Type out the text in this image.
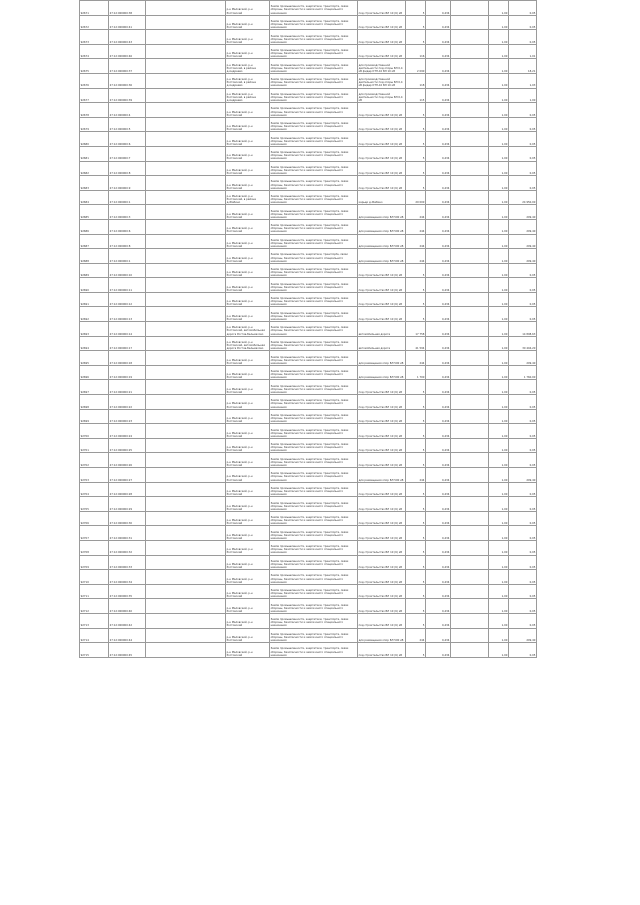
92671	27:12:000000:38		р-н Маловский, р-н Ростовский	Земли промышленности, энергетики, транспорта, связи обороны, безопасности и земли иного специального назначения	под строительство ВЛ 10 (6) кВ	5	0,434		1,00	0,05
92672	27:12:000000:41		р-н Маловский, р-н Ростовский	Земли промышленности, энергетики, транспорта, связи обороны, безопасности и земли иного специального назначения	под строительство ВЛ 10 (6) кВ	5	0,434		1,00	0,05
92673	27:12:000000:43		р-н Маловский, р-н Ростовский	Земли промышленности, энергетики, транспорта, связи обороны, безопасности и земли иного специального назначения	под строительство ВЛ 10 (6) кВ	5	0,434		1,00	0,05
92674	27:12:000000:46		р-н Маловский, р-н Ростовский	Земли промышленности, энергетики, транспорта, связи обороны, безопасности и земли иного специального назначения	под строительство ВЛ 10 (6) кВ	116	0,434		1,00	1,01
92675	27:12:000000:37		р-н Маловский, р-н Ростовский, в районе д.Андреево	Земли промышленности, энергетики, транспорта, связи обороны, безопасности и земли иного специального назначения	для производственной деятельности под опоры ВЛ 0,4 кВ фидер КТП-10 ВЛ 10 кВ	2 090	0,434		1,00	18,21
92676	27:12:000000:36		р-н Маловский, р-н Ростовский, в районе д.Андреево	Земли промышленности, энергетики, транспорта, связи обороны, безопасности и земли иного специального назначения	для производственной деятельности под опоры ВЛ 0,4 кВ фидер КТП-10 ВЛ 10 кВ	118	0,434		1,00	1,03
92677	27:12:000000:39		р-н Маловский, р-н Ростовский, в районе д.Андреево	Земли промышленности, энергетики, транспорта, связи обороны, безопасности и земли иного специального назначения	для производственной деятельности под опоры ВЛ 0,4 кВ	115	0,434		1,00	1,00
92678	27:12:000000:4		р-н Маловский, р-н Ростовский	Земли промышленности, энергетики, транспорта, связи обороны, безопасности и земли иного специального назначения	под строительство ВЛ 10 (6) кВ	5	0,434		1,00	0,05
92679	27:12:000000:5		р-н Маловский, р-н Ростовский	Земли промышленности, энергетики, транспорта, связи обороны, безопасности и земли иного специального назначения	под строительство ВЛ 10 (6) кВ	5	0,434		1,00	0,05
92680	27:12:000000:6		р-н Маловский, р-н Ростовский	Земли промышленности, энергетики, транспорта, связи обороны, безопасности и земли иного специального назначения	под строительство ВЛ 10 (6) кВ	5	0,434		1,00	0,05
92681	27:12:000000:7		р-н Маловский, р-н Ростовский	Земли промышленности, энергетики, транспорта, связи обороны, безопасности и земли иного специального назначения	под строительство ВЛ 10 (6) кВ	5	0,434		1,00	0,05
92682	27:12:000000:8		р-н Маловский, р-н Ростовский	Земли промышленности, энергетики, транспорта, связи обороны, безопасности и земли иного специального назначения	под строительство ВЛ 10 (6) кВ	5	0,434		1,00	0,05
92683	27:12:000000:9		р-н Маловский, р-н Ростовский	Земли промышленности, энергетики, транспорта, связи обороны, безопасности и земли иного специального назначения	под строительство ВЛ 10 (6) кВ	5	0,434		1,00	0,05
92684	27:12:000000:1		р-н Маловский, р-н Ростовский, в районе д.Жабино	Земли промышленности, энергетики, транспорта, связи обороны, безопасности и земли иного специального назначения	карьер д.Жабино	29 000	0,434		1,00	24 950,00
92685	27:12:000000:3		р-н Маловский, р-н Ростовский	Земли промышленности, энергетики, транспорта, связи обороны, безопасности и земли иного специального назначения	для размещения опор ВЛ 500 кВ	244	0,434		1,00	209,40
92686	27:12:000000:6		р-н Маловский, р-н Ростовский	Земли промышленности, энергетики, транспорта, связи обороны, безопасности и земли иного специального назначения	для размещения опор ВЛ 500 кВ	244	0,434		1,00	209,40
92687	27:12:000000:8		р-н Маловский, р-н Ростовский	Земли промышленности, энергетики, транспорта, связи обороны, безопасности и земли иного специального назначения	для размещения опор ВЛ 500 кВ	244	0,434		1,00	209,40
92688	27:12:000000:1		р-н Маловский, р-н Ростовский	Земли промышленности, энергетики, транспорta, связи обороны, безопасности и земли иного специального назначения	для размещения опор ВЛ 500 кВ	244	0,434		1,00	209,40
92689	27:12:000000:10		р-н Маловский, р-н Ростовский	Земли промышленности, энергетики, транспорта, связи обороны, безопасности и земли иного специального назначения	под строительство ВЛ 10 (6) кВ	5	0,434		1,00	0,05
92690	27:12:000000:11		р-н Маловский, р-н Ростовский	Земли промышленности, энергетики, транспорта, связи обороны, безопасности и земли иного специального назначения	под строительство ВЛ 10 (6) кВ	5	0,434		1,00	0,05
92691	27:12:000000:12		р-н Маловский, р-н Ростовский	Земли промышленности, энергетики, транспорта, связи обороны, безопасности и земли иного специального назначения	под строительство ВЛ 10 (6) кВ	5	0,434		1,00	0,05
92692	27:12:000000:13		р-н Маловский, р-н Ростовский	Земли промышленности, энергетики, транспорта, связи обороны, безопасности и земли иного специального назначения	под строительство ВЛ 10 (6) кВ	5	0,434		1,00	0,05
92693	27:12:000000:14		р-н Маловский, р-н Ростовский, автомобильная дорога Ростов-Бельмасово	Земли промышленности, энергетики, транспорта, связи обороны, безопасности и земли иного специального назначения	автомобильная дорога	17 758	0,434		1,00	14 898,63
92694	27:12:000000:17		р-н Маловский, р-н Ростовский, автомобильная дорога Ростов-Бельмасово	Земли промышленности, энергетики, транспорта, связи обороны, безопасности и земли иного специального назначения	автомобильная дорога	41 594	0,434		1,00	30 404,20
92695	27:12:000000:18		р-н Маловский, р-н Ростовский	Земли промышленности, энергетики, транспорта, связи обороны, безопасности и земли иного специального назначения	для размещения опор ВЛ 500 кВ	244	0,434		1,00	209,40
92696	27:12:000000:19		р-н Маловский, р-н Ростовский	Земли промышленности, энергетики, транспорта, связи обороны, безопасности и земли иного специального назначения	для размещения опор ВЛ 500 кВ	1 700	0,434		1,00	1 760,00
92697	27:12:000000:21		р-н Маловский, р-н Ростовский	Земли промышленности, энергетики, транспорта, связи обороны, безопасности и земли иного специального назначения	под строительство ВЛ 10 (6) кВ	5	0,434		1,00	0,05
92698	27:12:000000:22		р-н Маловский, р-н Ростовский	Земли промышленности, энергетики, транспорта, связи обороны, безопасности и земли иного специального назначения	под строительство ВЛ 10 (6) кВ	5	0,434		1,00	0,05
92699	27:12:000000:23		р-н Маловский, р-н Ростовский	Земли промышленности, энергетики, транспорта, связи обороны, безопасности и земли иного специального назначения	под строительство ВЛ 10 (6) кВ	5	0,434		1,00	0,05
92700	27:12:000000:24		р-н Маловский, р-н Ростовский	Земли промышленности, энергетики, транспорта, связи обороны, безопасности и земли иного специального назначения	под строительство ВЛ 10 (6) кВ	5	0,434		1,00	0,05
92701	27:12:000000:25		р-н Маловский, р-н Ростовский	Земли промышленности, энергетики, транспорта, связи обороны, безопасности и земли иного специального назначения	под строительство ВЛ 10 (6) кВ	5	0,434		1,00	0,05
92702	27:12:000000:26		р-н Маловский, р-н Ростовский	Земли промышленности, энергетики, транспорта, связи обороны, безопасности и земли иного специального назначения	под строительство ВЛ 10 (6) кВ	5	0,434		1,00	0,05
92703	27:12:000000:27		р-н Маловский, р-н Ростовский	Земли промышленности, энергетики, транспорта, связи обороны, безопасности и земли иного специального назначения	для размещения опор ВЛ 500 кВ	244	0,434		1,00	209,40
92704	27:12:000000:28		р-н Маловский, р-н Ростовский	Земли промышленности, энергетики, транспорта, связи обороны, безопасности и земли иного специального назначения	под строительство ВЛ 10 (6) кВ	5	0,434		1,00	0,05
92705	27:12:000000:29		р-н Маловский, р-н Ростовский	Земли промышленности, энергетики, транспорта, связи обороны, безопасности и земли иного специального назначения	под строительство ВЛ 10 (6) кВ	5	0,434		1,00	0,05
92706	27:12:000000:30		р-н Маловский, р-н Ростовский	Земли промышленности, энергетики, транспорта, связи обороны, безопасности и земли иного специального назначения	под строительство ВЛ 10 (6) кВ	5	0,434		1,00	0,05
92707	27:12:000000:31		р-н Маловский, р-н Ростовский	Земли промышленности, энергетики, транспорта, связи обороны, безопасности и земли иного специального назначения	под строительство ВЛ 10 (6) кВ	5	0,434		1,00	0,05
92708	27:12:000000:32		р-н Маловский, р-н Ростовский	Земли промышленности, энергетики, транспорта, связи обороны, безопасности и земли иного специального назначения	под строительство ВЛ 10 (6) кВ	5	0,434		1,00	0,05
92709	27:12:000000:33		р-н Маловский, р-н Ростовский	Земли промышленности, энергетики, транспорта, связи обороны, безопасности и земли иного специального назначения	под строительство ВЛ 10 (6) кВ	5	0,434		1,00	0,05
92710	27:12:000000:34		р-н Маловский, р-н Ростовский	Земли промышленности, энергетики, транспорта, связи обороны, безопасности и земли иного специального назначения	под строительство ВЛ 10 (6) кВ	5	0,434		1,00	0,05
92711	27:12:000000:35		р-н Маловский, р-н Ростовский	Земли промышленности, энергетики, транспорта, связи обороны, безопасности и земли иного специального назначения	под строительство ВЛ 10 (6) кВ	5	0,434		1,00	0,05
92712	27:12:000000:40		р-н Маловский, р-н Ростовский	Земли промышленности, энергетики, транспорта, связи обороны, безопасности и земли иного специального назначения	под строительство ВЛ 10 (6) кВ	5	0,434		1,00	0,05
92713	27:12:000000:42		р-н Маловский, р-н Ростовский	Земли промышленности, энергетики, транспорта, связи обороны, безопасности и земли иного специального назначения	под строительство ВЛ 10 (6) кВ	5	0,434		1,00	0,05
92714	27:12:000000:44		р-н Маловский, р-н Ростовский	Земли промышленности, энергетики, транспорта, связи обороны, безопасности и земли иного специального назначения	для размещения опор ВЛ 500 кВ	244	0,434		1,00	209,40
92715	27:12:000000:45		р-н Маловский, р-н Ростовский	Земли промышленности, энергетики, транспорта, связи обороны, безопасности и земли иного специального назначения	под строительство ВЛ 10 (6) кВ	5	0,434		1,00	0,05
